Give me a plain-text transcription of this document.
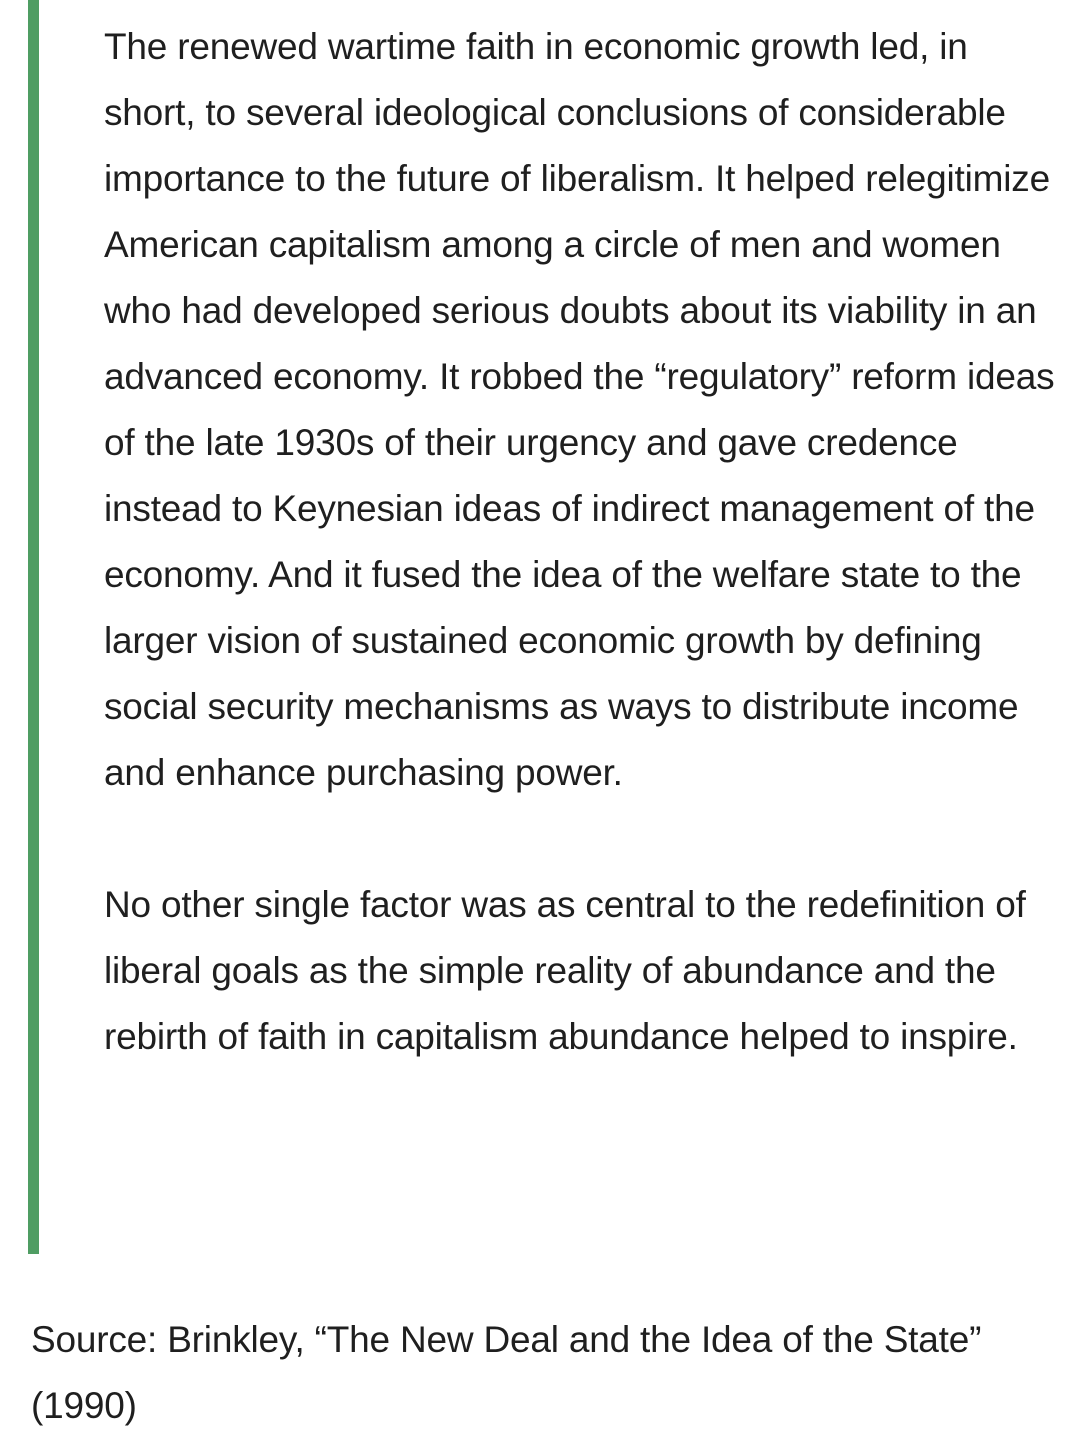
The renewed wartime faith in economic growth led, in short, to several ideological conclusions of considerable importance to the future of liberalism. It helped relegitimize American capitalism among a circle of men and women who had developed serious doubts about its viability in an advanced economy. It robbed the “regulatory” reform ideas of the late 1930s of their urgency and gave credence instead to Keynesian ideas of indirect management of the economy. And it fused the idea of the welfare state to the larger vision of sustained economic growth by defining social security mechanisms as ways to distribute income and enhance purchasing power.

No other single factor was as central to the redefinition of liberal goals as the simple reality of abundance and the rebirth of faith in capitalism abundance helped to inspire.

Source: Brinkley, “The New Deal and the Idea of the State” (1990)
